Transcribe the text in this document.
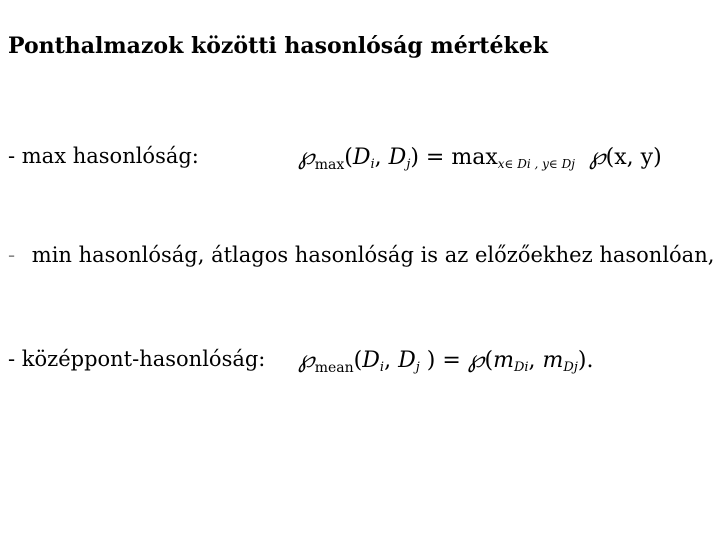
Ponthalmazok közötti hasonlóság mértékek
- max hasonlóság:	$℘_{max}(D_i$, $D_j) = \max_{x\in Di , y\in Dj}$ ℘(x, y)
- min hasonlóság, átlagos hasonlóság is az előzőekhez hasonlóan,
- középpont-hasonlóság: $℘_{mean}(D_i$, $D_j$ ) = $℘(m_{Di}$, $m_{Dj}$).
